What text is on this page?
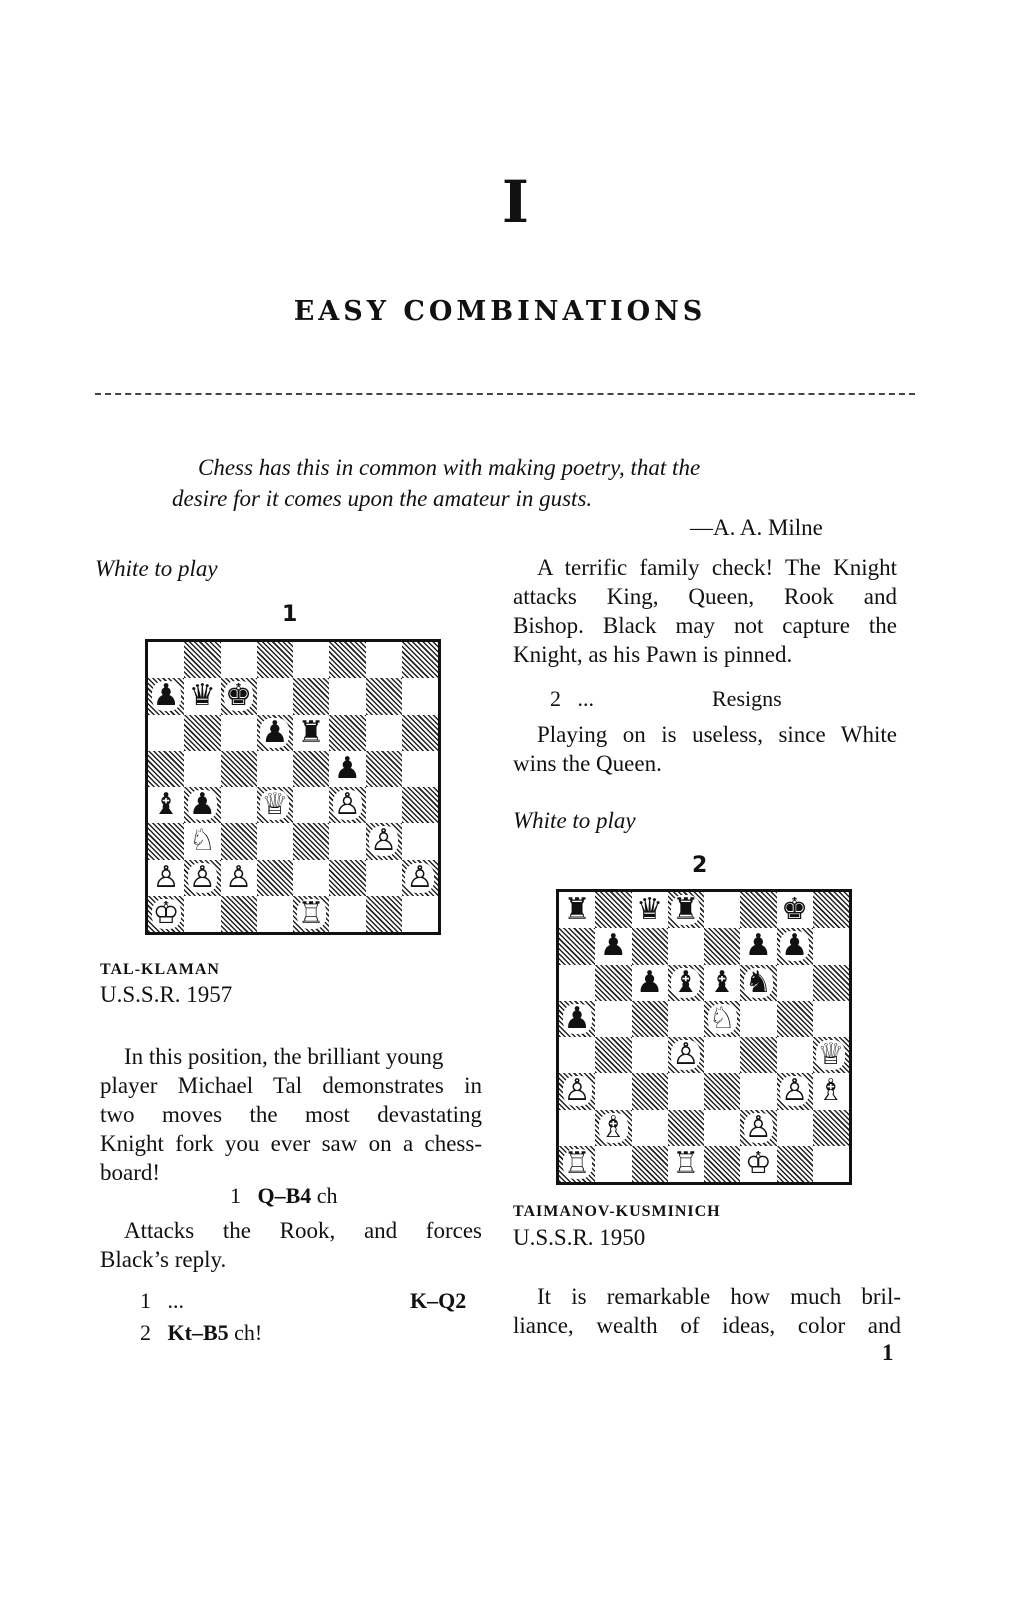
I
EASY COMBINATIONS
Chess has this in common with making poetry, that the
desire for it comes upon the amateur in gusts.
—A. A. Milne
White to play
1
♟ ♛ ♚
♟ ♜
♟
♝ ♟ ♕ ♙
♘	♙
♙ ♙ ♙	♙
♔	♖
TAL-KLAMAN
U.S.S.R. 1957
In this position, the brilliant young
player Michael Tal demonstrates in
two moves the most devastating
Knight fork you ever saw on a chess-
board!
1 Q–B4 ch
Attacks the Rook, and forces
Black’s reply.
1 ...	K–Q2
2 Kt–B5 ch!
A terrific family check! The Knight
attacks King, Queen, Rook and
Bishop. Black may not capture the
Knight, as his Pawn is pinned.
2 ...	Resigns
Playing on is useless, since White
wins the Queen.
White to play
2
♜ ♛ ♜	♚
♟	♟ ♟
♟ ♝ ♝ ♞
♟	♘
♙	♕
♙	♙ ♗
♗	♙
♖	♖ ♔
TAIMANOV-KUSMINICH
U.S.S.R. 1950
It is remarkable how much bril-
liance, wealth of ideas, color and
1
